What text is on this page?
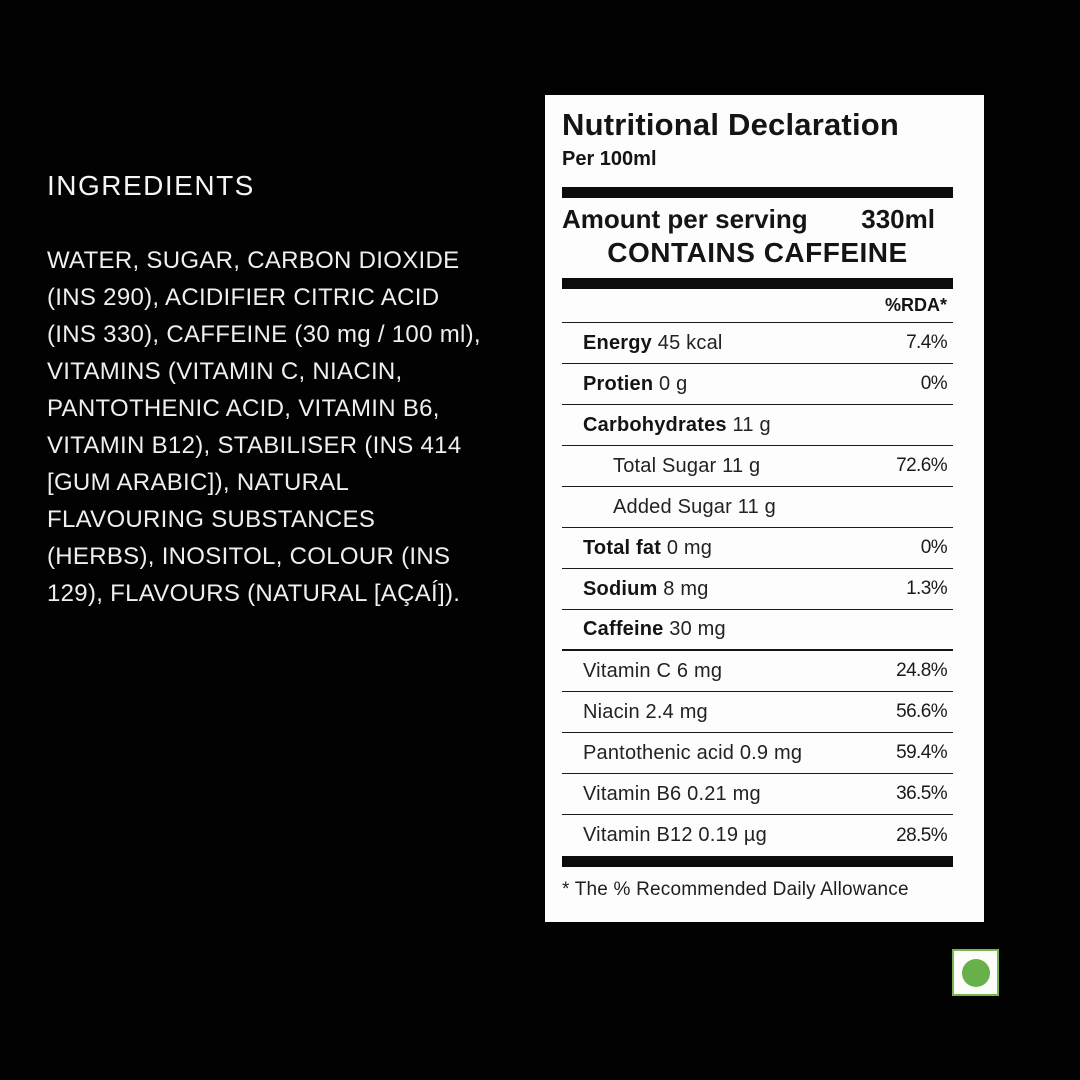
INGREDIENTS

WATER, SUGAR, CARBON DIOXIDE (INS 290), ACIDIFIER CITRIC ACID (INS 330), CAFFEINE (30 mg / 100 ml), VITAMINS (VITAMIN C, NIACIN, PANTOTHENIC ACID, VITAMIN B6, VITAMIN B12), STABILISER (INS 414 [GUM ARABIC]), NATURAL FLAVOURING SUBSTANCES (HERBS), INOSITOL, COLOUR (INS 129), FLAVOURS (NATURAL [AÇAÍ]).

Nutritional Declaration
Per 100ml
Amount per serving 330ml
CONTAINS CAFFEINE
%RDA*
Energy 45 kcal	7.4%
Protien 0 g	0%
Carbohydrates 11 g
Total Sugar 11 g	72.6%
Added Sugar 11 g
Total fat 0 mg	0%
Sodium 8 mg	1.3%
Caffeine 30 mg
Vitamin C 6 mg	24.8%
Niacin 2.4 mg	56.6%
Pantothenic acid 0.9 mg	59.4%
Vitamin B6 0.21 mg	36.5%
Vitamin B12 0.19 µg	28.5%
* The % Recommended Daily Allowance
